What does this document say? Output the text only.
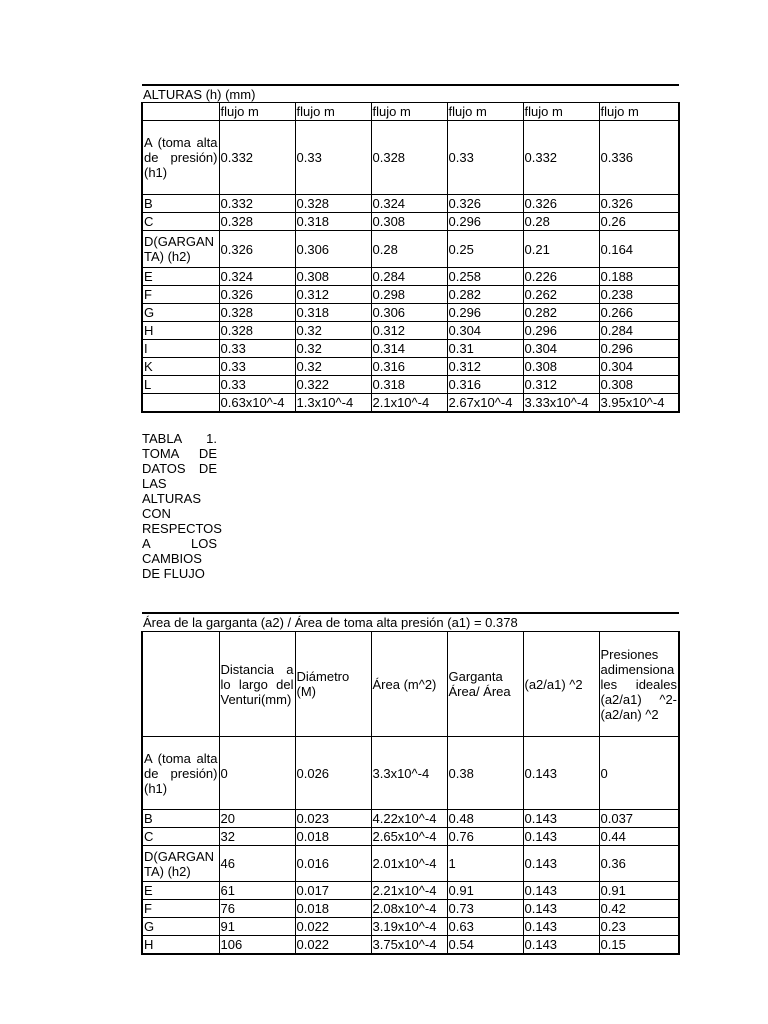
ALTURAS (h) (mm)						
	flujo m	flujo m	flujo m	flujo m	flujo m	flujo m
A (toma alta de presión) (h1)	0.332	0.33	0.328	0.33	0.332	0.336
B	0.332	0.328	0.324	0.326	0.326	0.326
C	0.328	0.318	0.308	0.296	0.28	0.26
D(GARGANTA) (h2)	0.326	0.306	0.28	0.25	0.21	0.164
E	0.324	0.308	0.284	0.258	0.226	0.188
F	0.326	0.312	0.298	0.282	0.262	0.238
G	0.328	0.318	0.306	0.296	0.282	0.266
H	0.328	0.32	0.312	0.304	0.296	0.284
I	0.33	0.32	0.314	0.31	0.304	0.296
K	0.33	0.32	0.316	0.312	0.308	0.304
L	0.33	0.322	0.318	0.316	0.312	0.308
	0.63x10^-4	1.3x10^-4	2.1x10^-4	2.67x10^-4	3.33x10^-4	3.95x10^-4
TABLA 1. TOMA DE DATOS DE LAS ALTURAS CON RESPECTOS A LOS CAMBIOS DE FLUJO
Área de la garganta (a2) / Área de toma alta presión (a1) = 0.378						
	Distancia a lo largo del Venturi(mm)	Diámetro (M)	Área (m^2)	Garganta Área/ Área	(a2/a1) ^2	Presiones adimensionales ideales (a2/a1) ^2-(a2/an) ^2
A (toma alta de presión) (h1)	0	0.026	3.3x10^-4	0.38	0.143	0
B	20	0.023	4.22x10^-4	0.48	0.143	0.037
C	32	0.018	2.65x10^-4	0.76	0.143	0.44
D(GARGANTA) (h2)	46	0.016	2.01x10^-4	1	0.143	0.36
E	61	0.017	2.21x10^-4	0.91	0.143	0.91
F	76	0.018	2.08x10^-4	0.73	0.143	0.42
G	91	0.022	3.19x10^-4	0.63	0.143	0.23
H	106	0.022	3.75x10^-4	0.54	0.143	0.15
